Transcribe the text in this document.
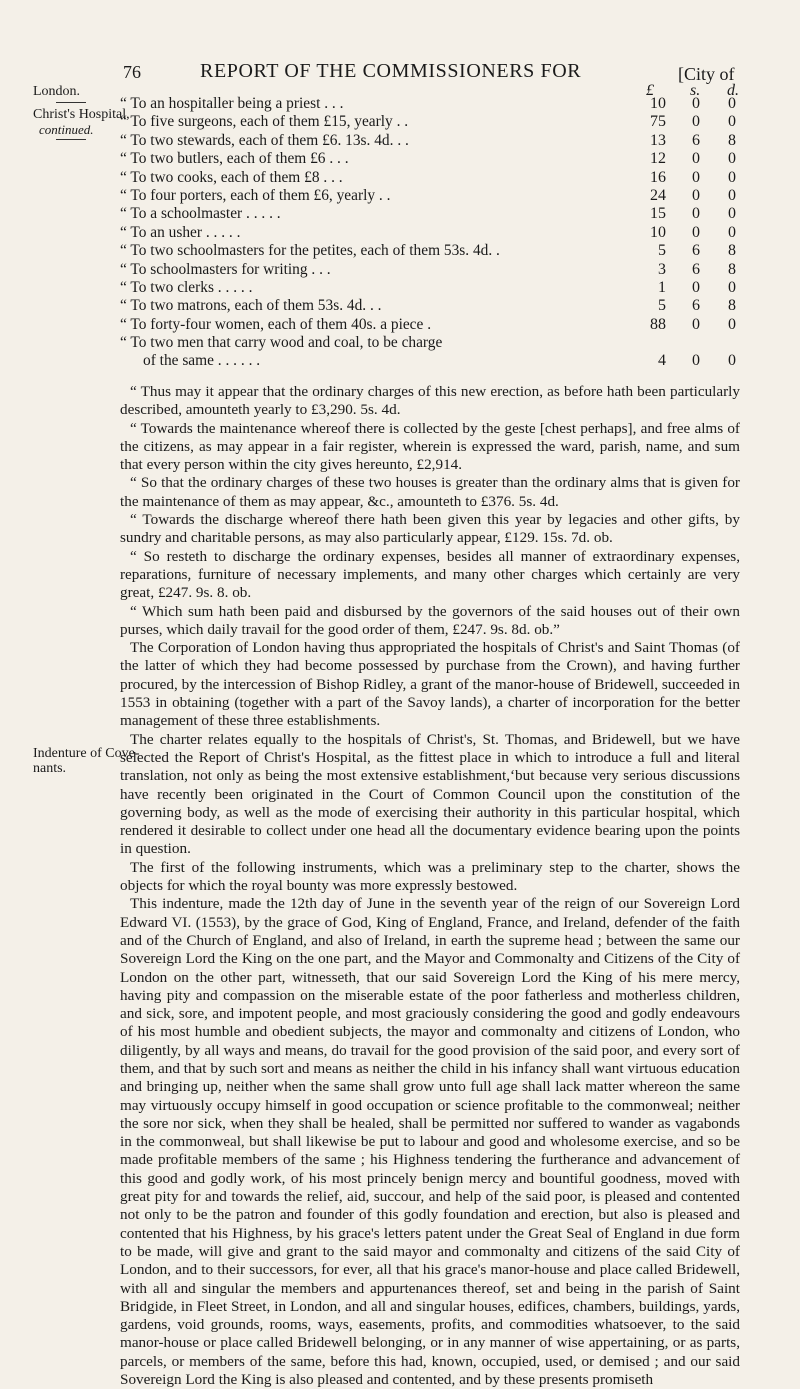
76	REPORT OF THE COMMISSIONERS FOR	[City of
London.
Christ's Hospital,
continued.
Indenture of Cove-
nants.
£ s. d.
“ To an hospitaller being a priest . . .	10	0	0
“ To five surgeons, each of them £15, yearly . .	75	0	0
“ To two stewards, each of them £6. 13s. 4d. . .	13	6	8
“ To two butlers, each of them £6 . . .	12	0	0
“ To two cooks, each of them £8 . . .	16	0	0
“ To four porters, each of them £6, yearly . .	24	0	0
“ To a schoolmaster . . . . .	15	0	0
“ To an usher . . . . .	10	0	0
“ To two schoolmasters for the petites, each of them 53s. 4d. .	5	6	8
“ To schoolmasters for writing . . .	3	6	8
“ To two clerks . . . . .	1	0	0
“ To two matrons, each of them 53s. 4d. . .	5	6	8
“ To forty-four women, each of them 40s. a piece .	88	0	0
“ To two men that carry wood and coal, to be charge
of the same . . . . . .	4	0	0

“ Thus may it appear that the ordinary charges of this new erection, as before hath been particularly described, amounteth yearly to £3,290. 5s. 4d.

“ Towards the maintenance whereof there is collected by the geste [chest perhaps], and free alms of the citizens, as may appear in a fair register, wherein is expressed the ward, parish, name, and sum that every person within the city gives hereunto, £2,914.

“ So that the ordinary charges of these two houses is greater than the ordinary alms that is given for the maintenance of them as may appear, &c., amounteth to £376. 5s. 4d.

“ Towards the discharge whereof there hath been given this year by legacies and other gifts, by sundry and charitable persons, as may also particularly appear, £129. 15s. 7d. ob.

“ So resteth to discharge the ordinary expenses, besides all manner of extraordinary expenses, reparations, furniture of necessary implements, and many other charges which certainly are very great, £247. 9s. 8. ob.

“ Which sum hath been paid and disbursed by the governors of the said houses out of their own purses, which daily travail for the good order of them, £247. 9s. 8d. ob.”

The Corporation of London having thus appropriated the hospitals of Christ's and Saint Thomas (of the latter of which they had become possessed by purchase from the Crown), and having further procured, by the intercession of Bishop Ridley, a grant of the manor-house of Bridewell, succeeded in 1553 in obtaining (together with a part of the Savoy lands), a charter of incorporation for the better management of these three establishments.

The charter relates equally to the hospitals of Christ's, St. Thomas, and Bridewell, but we have selected the Report of Christ's Hospital, as the fittest place in which to introduce a full and literal translation, not only as being the most extensive establishment,‘but because very serious discussions have recently been originated in the Court of Common Council upon the constitution of the governing body, as well as the mode of exercising their authority in this particular hospital, which rendered it desirable to collect under one head all the documentary evidence bearing upon the points in question.

The first of the following instruments, which was a preliminary step to the charter, shows the objects for which the royal bounty was more expressly bestowed.

This indenture, made the 12th day of June in the seventh year of the reign of our Sovereign Lord Edward VI. (1553), by the grace of God, King of England, France, and Ireland, defender of the faith and of the Church of England, and also of Ireland, in earth the supreme head ; between the same our Sovereign Lord the King on the one part, and the Mayor and Commonalty and Citizens of the City of London on the other part, witnesseth, that our said Sovereign Lord the King of his mere mercy, having pity and compassion on the miserable estate of the poor fatherless and motherless children, and sick, sore, and impotent people, and most graciously considering the good and godly endeavours of his most humble and obedient subjects, the mayor and commonalty and citizens of London, who diligently, by all ways and means, do travail for the good provision of the said poor, and every sort of them, and that by such sort and means as neither the child in his infancy shall want virtuous education and bringing up, neither when the same shall grow unto full age shall lack matter whereon the same may virtuously occupy himself in good occupation or science profitable to the commonweal; neither the sore nor sick, when they shall be healed, shall be permitted nor suffered to wander as vagabonds in the commonweal, but shall likewise be put to labour and good and wholesome exercise, and so be made profitable members of the same ; his Highness tendering the furtherance and advancement of this good and godly work, of his most princely benign mercy and bountiful goodness, moved with great pity for and towards the relief, aid, succour, and help of the said poor, is pleased and contented not only to be the patron and founder of this godly foundation and erection, but also is pleased and contented that his Highness, by his grace's letters patent under the Great Seal of England in due form to be made, will give and grant to the said mayor and commonalty and citizens of the said City of London, and to their successors, for ever, all that his grace's manor-house and place called Bridewell, with all and singular the members and appurtenances thereof, set and being in the parish of Saint Bridgide, in Fleet Street, in London, and all and singular houses, edifices, chambers, buildings, yards, gardens, void grounds, rooms, ways, easements, profits, and commodities whatsoever, to the said manor-house or place called Bridewell belonging, or in any manner of wise appertaining, or as parts, parcels, or members of the same, before this had, known, occupied, used, or demised ; and our said Sovereign Lord the King is also pleased and contented, and by these presents promiseth
